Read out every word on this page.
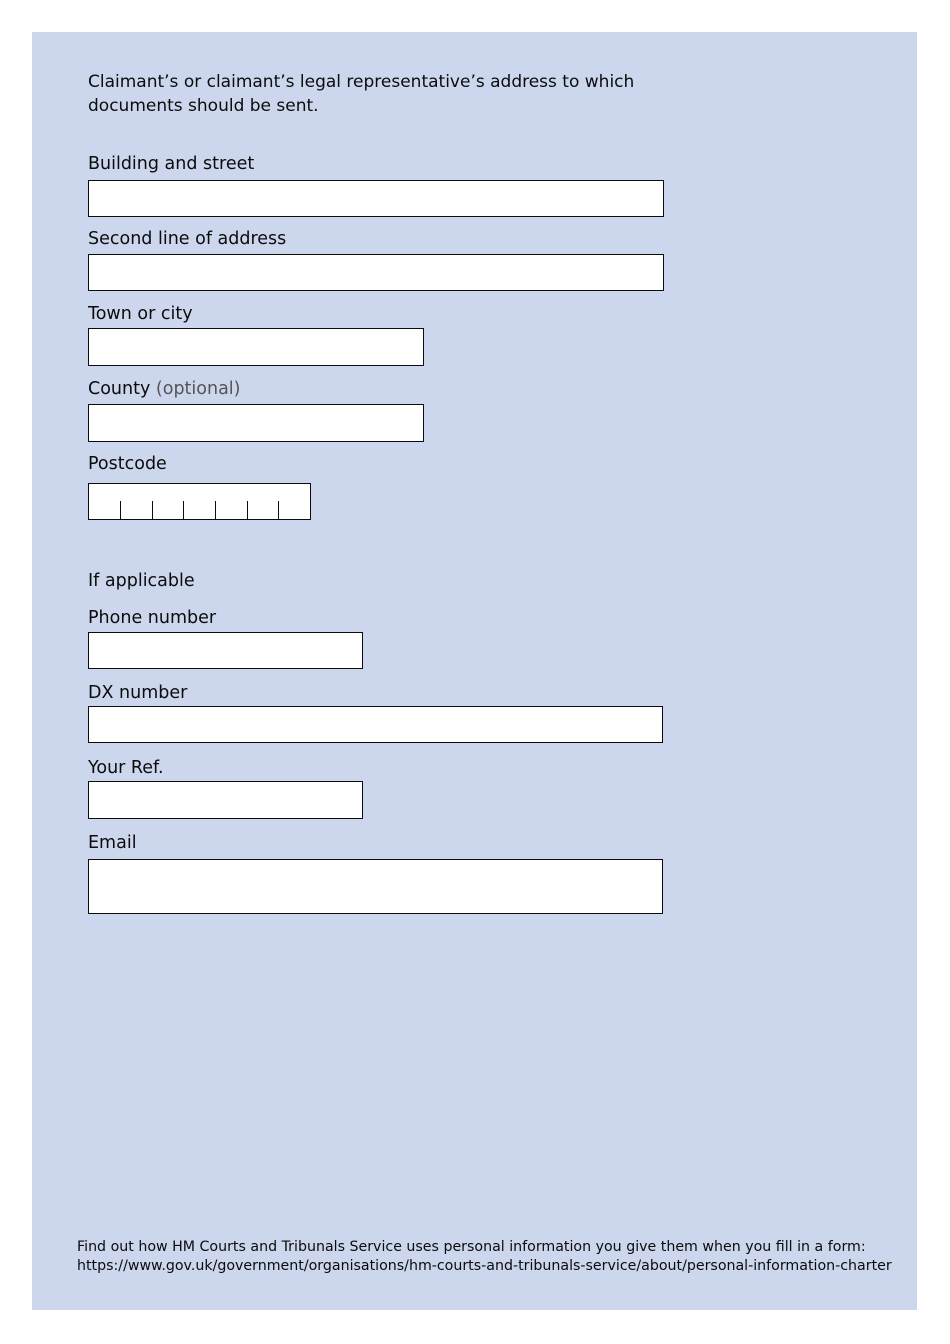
Claimant’s or claimant’s legal representative’s address to which documents should be sent.
Building and street
Second line of address
Town or city
County (optional)
Postcode
If applicable
Phone number
DX number
Your Ref.
Email
Find out how HM Courts and Tribunals Service uses personal information you give them when you fill in a form:
https://www.gov.uk/government/organisations/hm-courts-and-tribunals-service/about/personal-information-charter
